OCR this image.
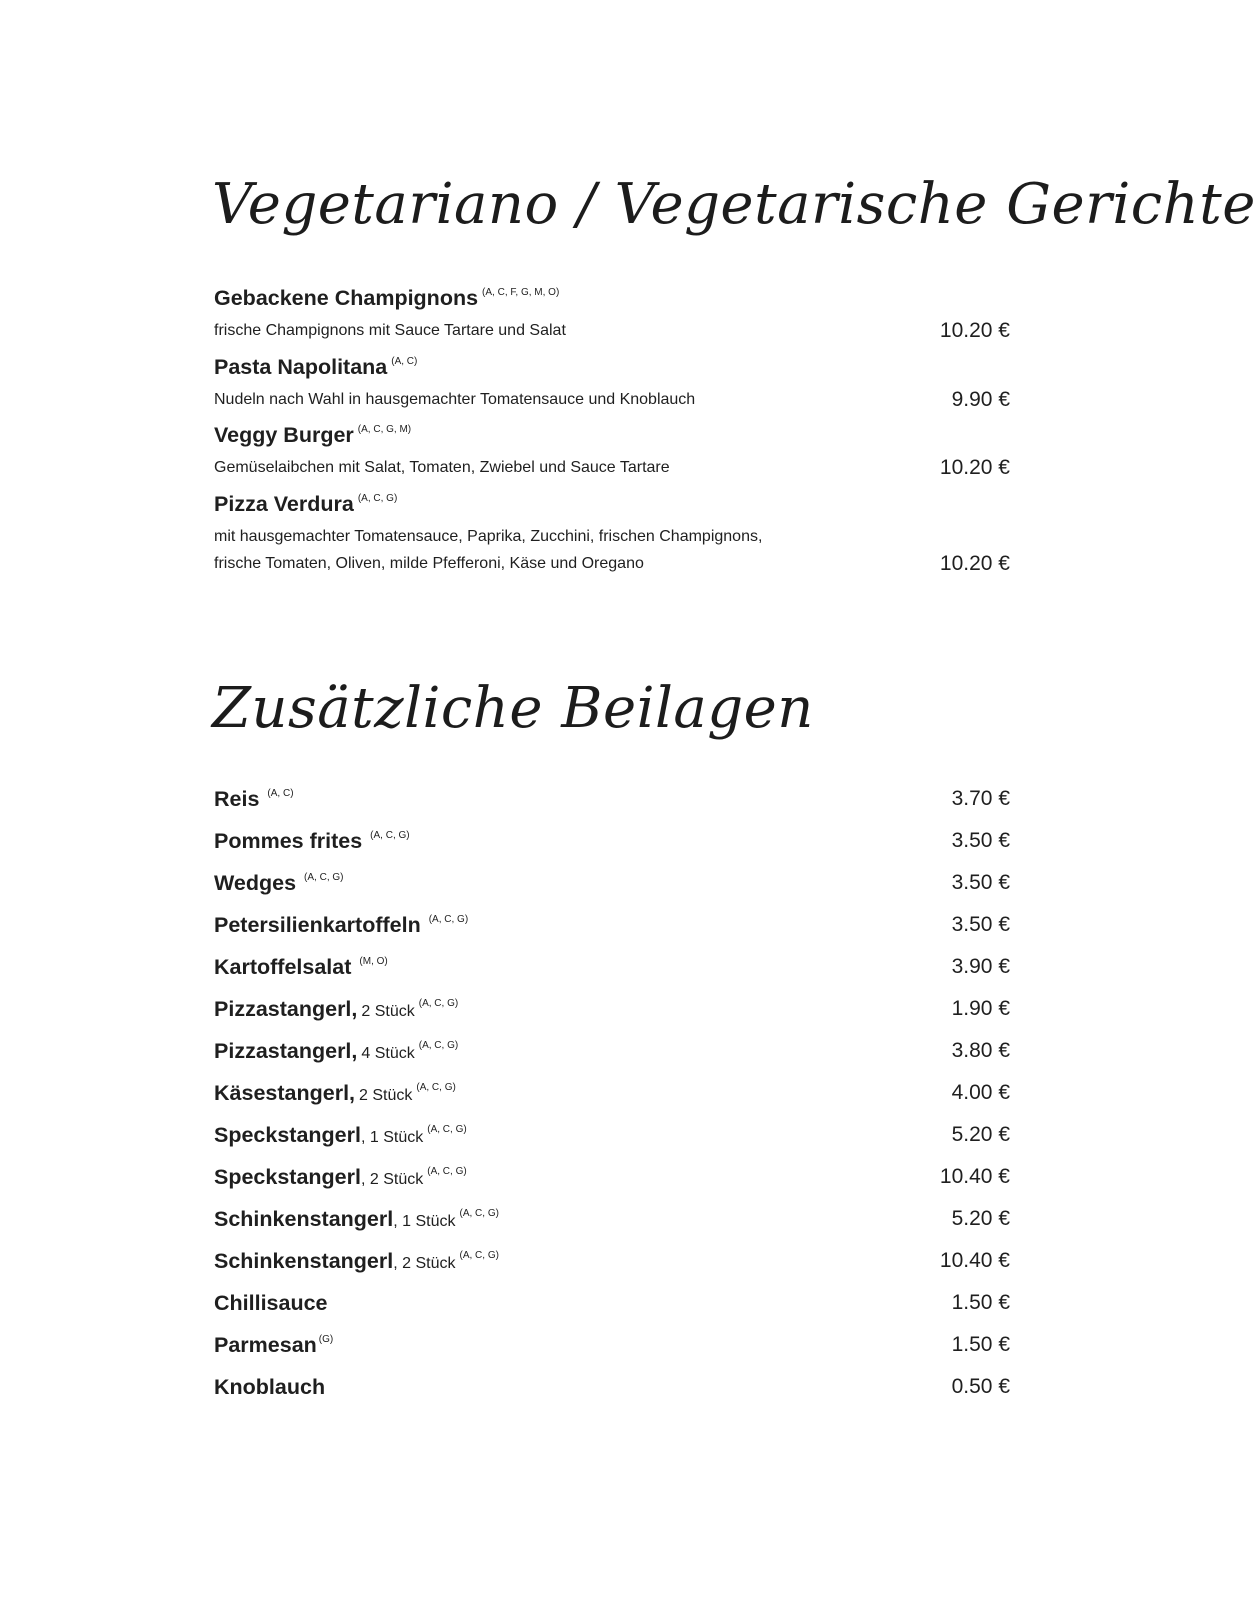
Vegetariano / Vegetarische Gerichte
Gebackene Champignons $^{(A, C, F, G, M, O)}$
frische Champignons mit Sauce Tartare und Salat	10.20 €
Pasta Napolitana $^{(A, C)}$
Nudeln nach Wahl in hausgemachter Tomatensauce und Knoblauch	9.90 €
Veggy Burger $^{(A, C, G, M)}$
Gemüselaibchen mit Salat, Tomaten, Zwiebel und Sauce Tartare	10.20 €
Pizza Verdura $^{(A, C, G)}$
mit hausgemachter Tomatensauce, Paprika, Zucchini, frischen Champignons,
frische Tomaten, Oliven, milde Pfefferoni, Käse und Oregano	10.20 €
Zusätzliche Beilagen
Reis $^{(A, C)}$	3.70 €
Pommes frites $^{(A, C, G)}$	3.50 €
Wedges $^{(A, C, G)}$	3.50 €
Petersilienkartoffeln $^{(A, C, G)}$	3.50 €
Kartoffelsalat $^{(M, O)}$	3.90 €
Pizzastangerl, 2 Stück $^{(A, C, G)}$	1.90 €
Pizzastangerl, 4 Stück $^{(A, C, G)}$	3.80 €
Käsestangerl, 2 Stück $^{(A, C, G)}$	4.00 €
Speckstangerl, 1 Stück $^{(A, C, G)}$	5.20 €
Speckstangerl, 2 Stück $^{(A, C, G)}$	10.40 €
Schinkenstangerl, 1 Stück $^{(A, C, G)}$	5.20 €
Schinkenstangerl, 2 Stück $^{(A, C, G)}$	10.40 €
Chillisauce	1.50 €
Parmesan $^{(G)}$	1.50 €
Knoblauch	0.50 €
